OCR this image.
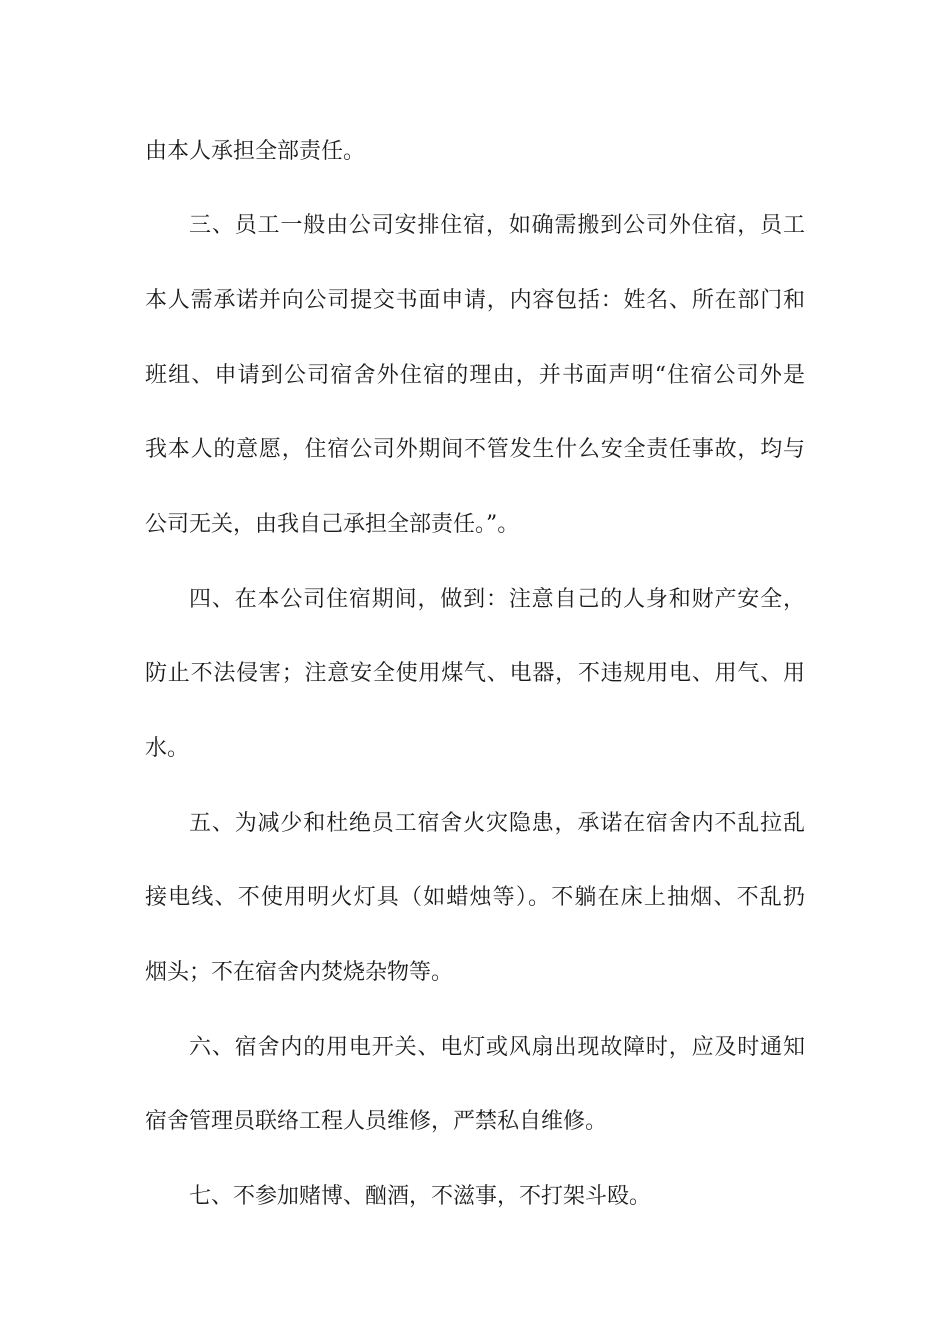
由本人承担全部责任。
三、员工一般由公司安排住宿，如确需搬到公司外住宿，员工
本人需承诺并向公司提交书面申请，内容包括：姓名、所在部门和
班组、申请到公司宿舍外住宿的理由，并书面声明“住宿公司外是
我本人的意愿，住宿公司外期间不管发生什么安全责任事故，均与
公司无关，由我自己承担全部责任。”。
四、在本公司住宿期间，做到：注意自己的人身和财产安全，
防止不法侵害；注意安全使用煤气、电器，不违规用电、用气、用
水。
五、为减少和杜绝员工宿舍火灾隐患，承诺在宿舍内不乱拉乱
接电线、不使用明火灯具（如蜡烛等）。不躺在床上抽烟、不乱扔
烟头；不在宿舍内焚烧杂物等。
六、宿舍内的用电开关、电灯或风扇出现故障时，应及时通知
宿舍管理员联络工程人员维修，严禁私自维修。
七、不参加赌博、酗酒，不滋事，不打架斗殴。
